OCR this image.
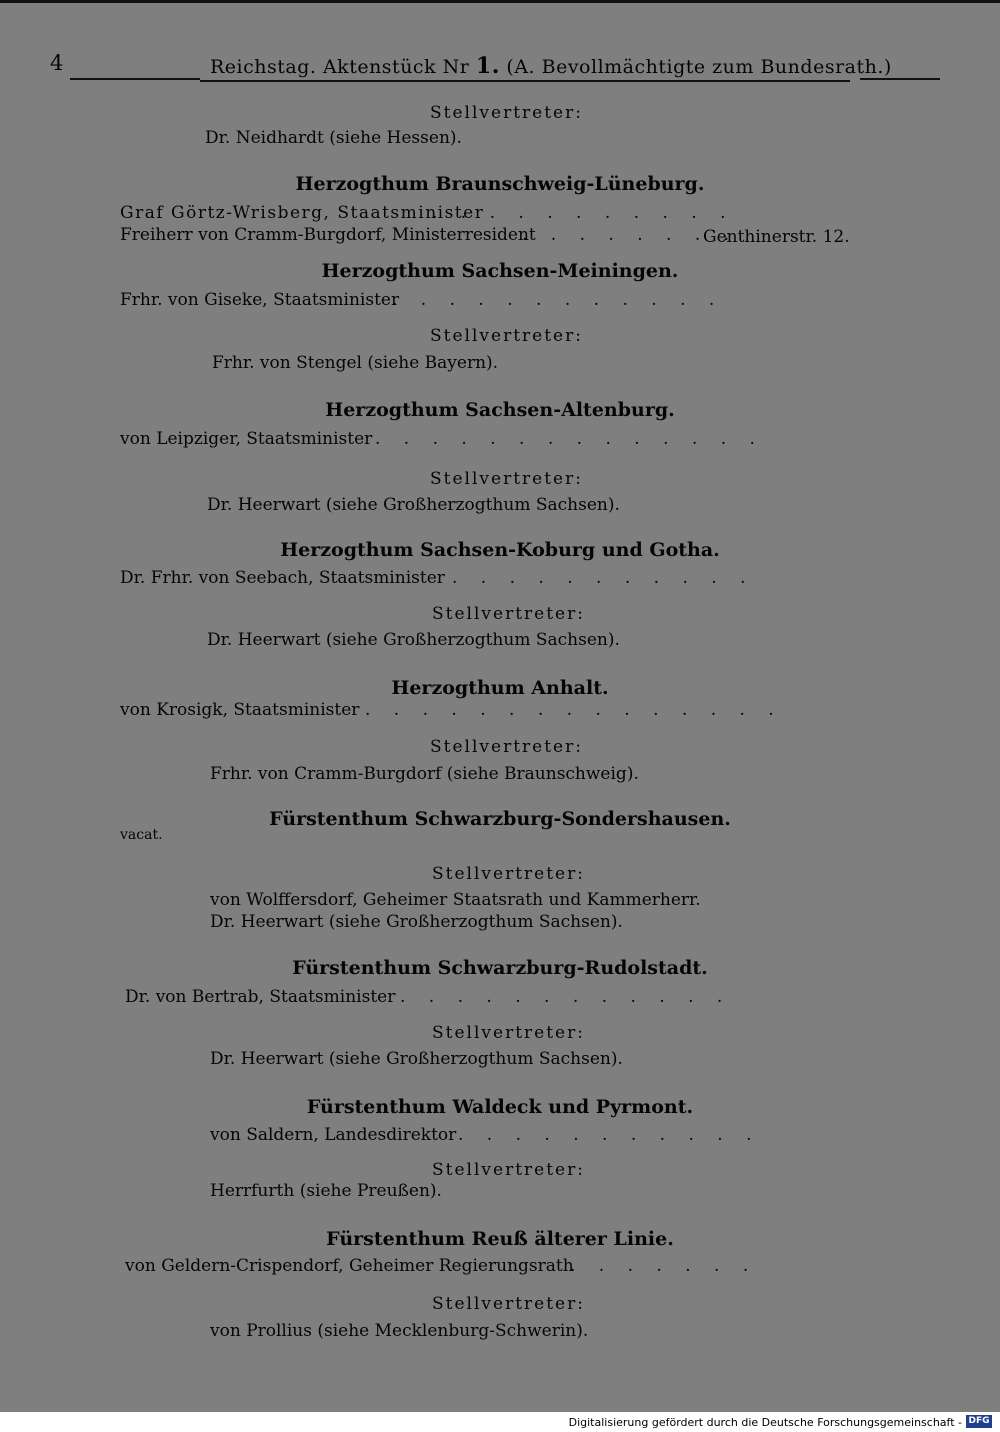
4	Reichstag. Aktenstück Nr 1. (A. Bevollmächtigte zum Bundesrath.)
Stellvertreter:
Dr. Neidhardt (siehe Hessen).
Herzogthum Braunschweig-Lüneburg.
Graf Görtz-Wrisberg, Staatsminister
. . . . . . . . . . .
Freiherr von Cramm-Burgdorf, Ministerresident
. . . . . . . .
Genthinerstr. 12.
Herzogthum Sachsen-Meiningen.
Frhr. von Giseke, Staatsminister
. . . . . . . . . . . .
Stellvertreter:
Frhr. von Stengel (siehe Bayern).
Herzogthum Sachsen-Altenburg.
von Leipziger, Staatsminister . . . . . . . . . . . . . .
Stellvertreter:
Dr. Heerwart (siehe Großherzogthum Sachsen).
Herzogthum Sachsen-Koburg und Gotha.
Dr. Frhr. von Seebach, Staatsminister . . . . . . . . . . .
Stellvertreter:
Dr. Heerwart (siehe Großherzogthum Sachsen).
Herzogthum Anhalt.
von Krosigk, Staatsminister . . . . . . . . . . . . . . .
Stellvertreter:
Frhr. von Cramm-Burgdorf (siehe Braunschweig).
Fürstenthum Schwarzburg-Sondershausen.
vacat.
Stellvertreter:
von Wolffersdorf, Geheimer Staatsrath und Kammerherr.
Dr. Heerwart (siehe Großherzogthum Sachsen).
Fürstenthum Schwarzburg-Rudolstadt.
Dr. von Bertrab, Staatsminister . . . . . . . . . . . .
Stellvertreter:
Dr. Heerwart (siehe Großherzogthum Sachsen).
Fürstenthum Waldeck und Pyrmont.
von Saldern, Landesdirektor . . . . . . . . . . .
Stellvertreter:
Herrfurth (siehe Preußen).
Fürstenthum Reuß älterer Linie.
von Geldern-Crispendorf, Geheimer Regierungsrath
. . . . . . .
Stellvertreter:
von Prollius (siehe Mecklenburg-Schwerin).
Digitalisierung gefördert durch die Deutsche Forschungsgemeinschaft - DFG
